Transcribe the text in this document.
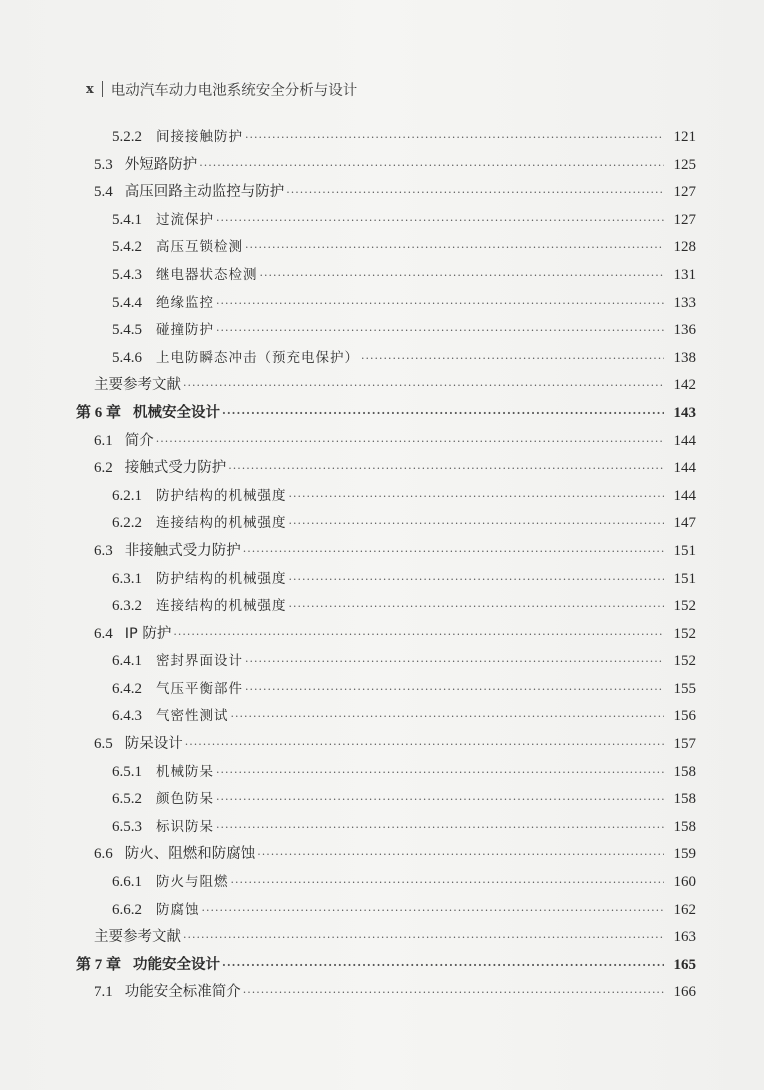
x 电动汽车动力电池系统安全分析与设计
5.2.2 间接接触防护 ·····	121
5.3 外短路防护 ·····	125
5.4 高压回路主动监控与防护 ·····	127
5.4.1 过流保护 ·····	127
5.4.2 高压互锁检测 ·····	128
5.4.3 继电器状态检测 ·····	131
5.4.4 绝缘监控 ·····	133
5.4.5 碰撞防护 ·····	136
5.4.6 上电防瞬态冲击（预充电保护） ·····	138
主要参考文献 ·····	142
第 6 章 机械安全设计 ·····	143
6.1 简介 ·····	144
6.2 接触式受力防护 ·····	144
6.2.1 防护结构的机械强度 ·····	144
6.2.2 连接结构的机械强度 ·····	147
6.3 非接触式受力防护 ·····	151
6.3.1 防护结构的机械强度 ·····	151
6.3.2 连接结构的机械强度 ·····	152
6.4 IP 防护 ·····	152
6.4.1 密封界面设计 ·····	152
6.4.2 气压平衡部件 ·····	155
6.4.3 气密性测试 ·····	156
6.5 防呆设计 ·····	157
6.5.1 机械防呆 ·····	158
6.5.2 颜色防呆 ·····	158
6.5.3 标识防呆 ·····	158
6.6 防火、阻燃和防腐蚀 ·····	159
6.6.1 防火与阻燃 ·····	160
6.6.2 防腐蚀 ·····	162
主要参考文献 ·····	163
第 7 章 功能安全设计 ·····	165
7.1 功能安全标准简介 ·····	166
